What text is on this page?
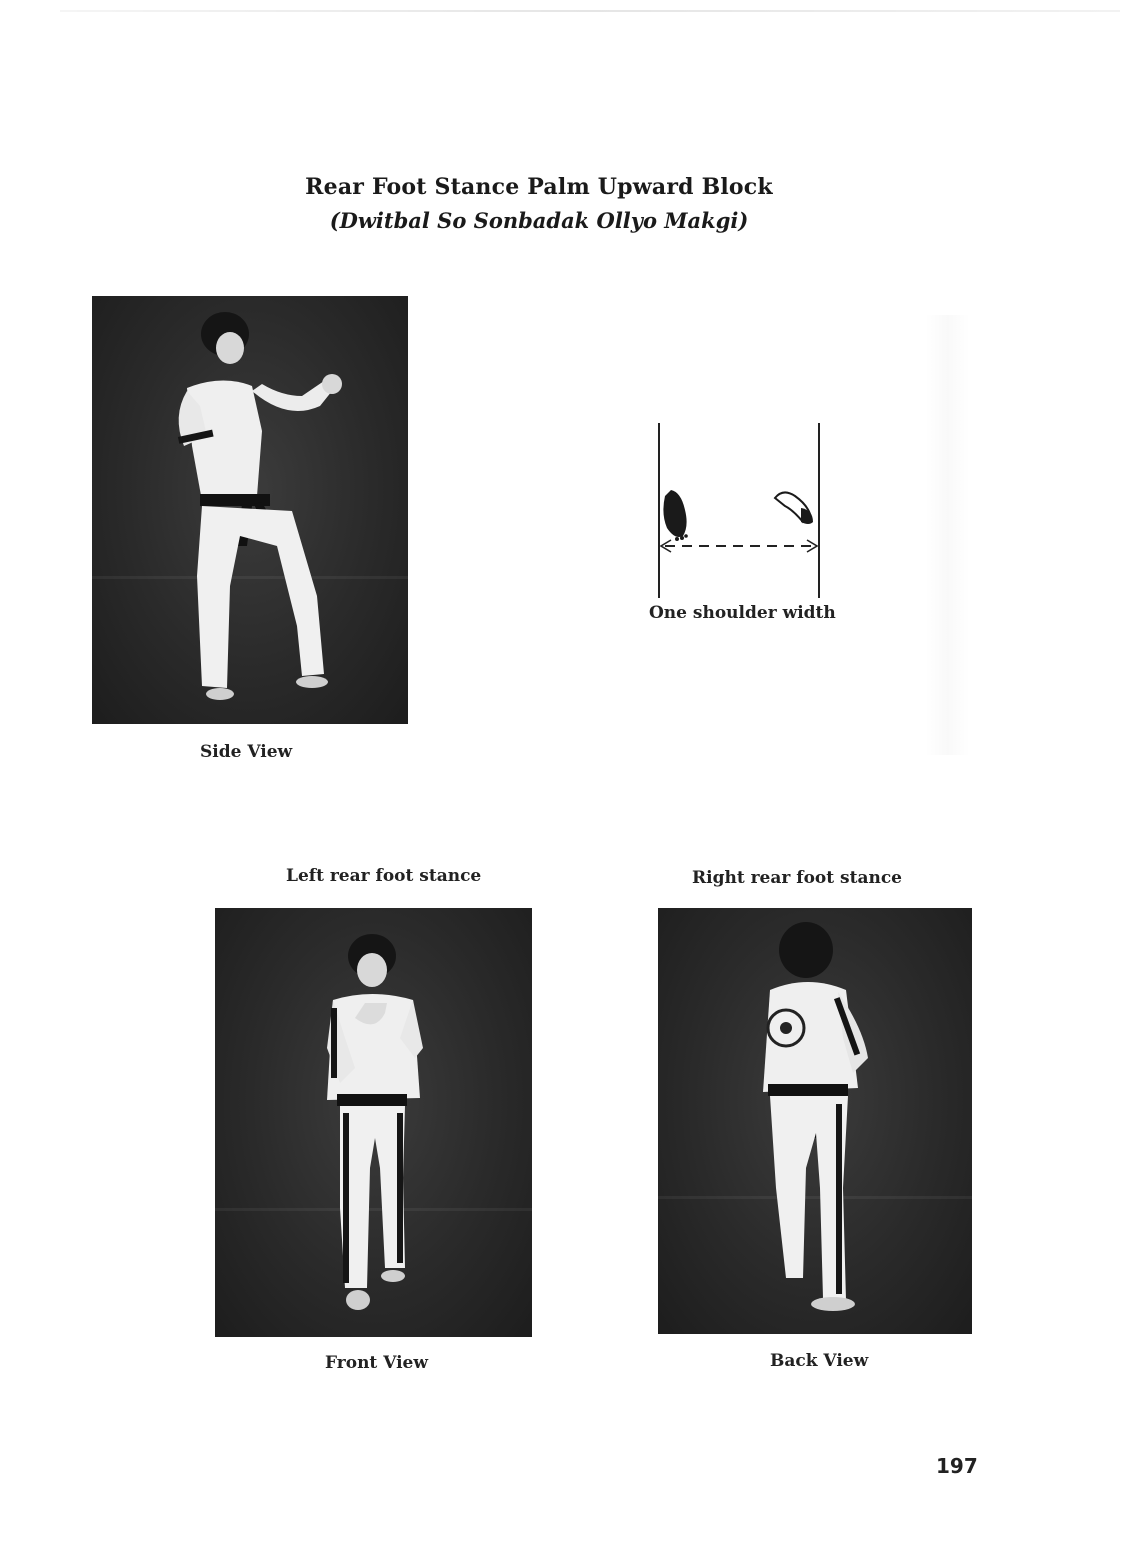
Rear Foot Stance Palm Upward Block
(Dwitbal So Sonbadak Ollyo Makgi)
Side View
One shoulder width
Left rear foot stance	Right rear foot stance
Front View	Back View
197
